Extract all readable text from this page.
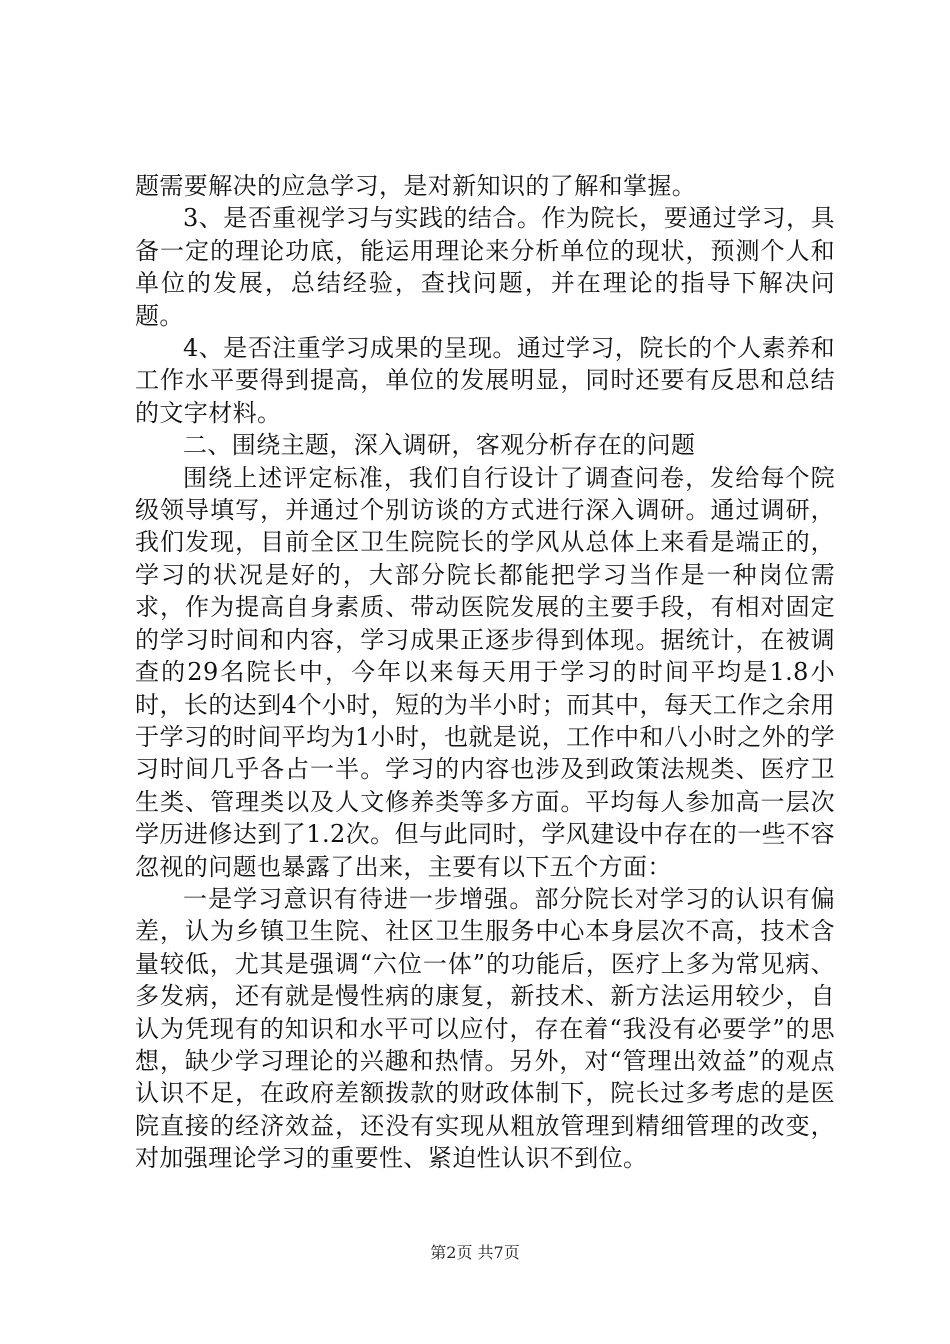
题需要解决的应急学习，是对新知识的了解和掌握。

3、是否重视学习与实践的结合。作为院长，要通过学习，具备一定的理论功底，能运用理论来分析单位的现状，预测个人和单位的发展，总结经验，查找问题，并在理论的指导下解决问题。

4、是否注重学习成果的呈现。通过学习，院长的个人素养和工作水平要得到提高，单位的发展明显，同时还要有反思和总结的文字材料。

二、围绕主题，深入调研，客观分析存在的问题

围绕上述评定标准，我们自行设计了调查问卷，发给每个院级领导填写，并通过个别访谈的方式进行深入调研。通过调研，我们发现，目前全区卫生院院长的学风从总体上来看是端正的，学习的状况是好的，大部分院长都能把学习当作是一种岗位需求，作为提高自身素质、带动医院发展的主要手段，有相对固定的学习时间和内容，学习成果正逐步得到体现。据统计，在被调查的29名院长中，今年以来每天用于学习的时间平均是1.8小时，长的达到4个小时，短的为半小时；而其中，每天工作之余用于学习的时间平均为1小时，也就是说，工作中和八小时之外的学习时间几乎各占一半。学习的内容也涉及到政策法规类、医疗卫生类、管理类以及人文修养类等多方面。平均每人参加高一层次学历进修达到了1.2次。但与此同时，学风建设中存在的一些不容忽视的问题也暴露了出来，主要有以下五个方面：

一是学习意识有待进一步增强。部分院长对学习的认识有偏差，认为乡镇卫生院、社区卫生服务中心本身层次不高，技术含量较低，尤其是强调“六位一体”的功能后，医疗上多为常见病、多发病，还有就是慢性病的康复，新技术、新方法运用较少，自认为凭现有的知识和水平可以应付，存在着“我没有必要学”的思想，缺少学习理论的兴趣和热情。另外，对“管理出效益”的观点认识不足，在政府差额拨款的财政体制下，院长过多考虑的是医院直接的经济效益，还没有实现从粗放管理到精细管理的改变，对加强理论学习的重要性、紧迫性认识不到位。

第2页 共7页
